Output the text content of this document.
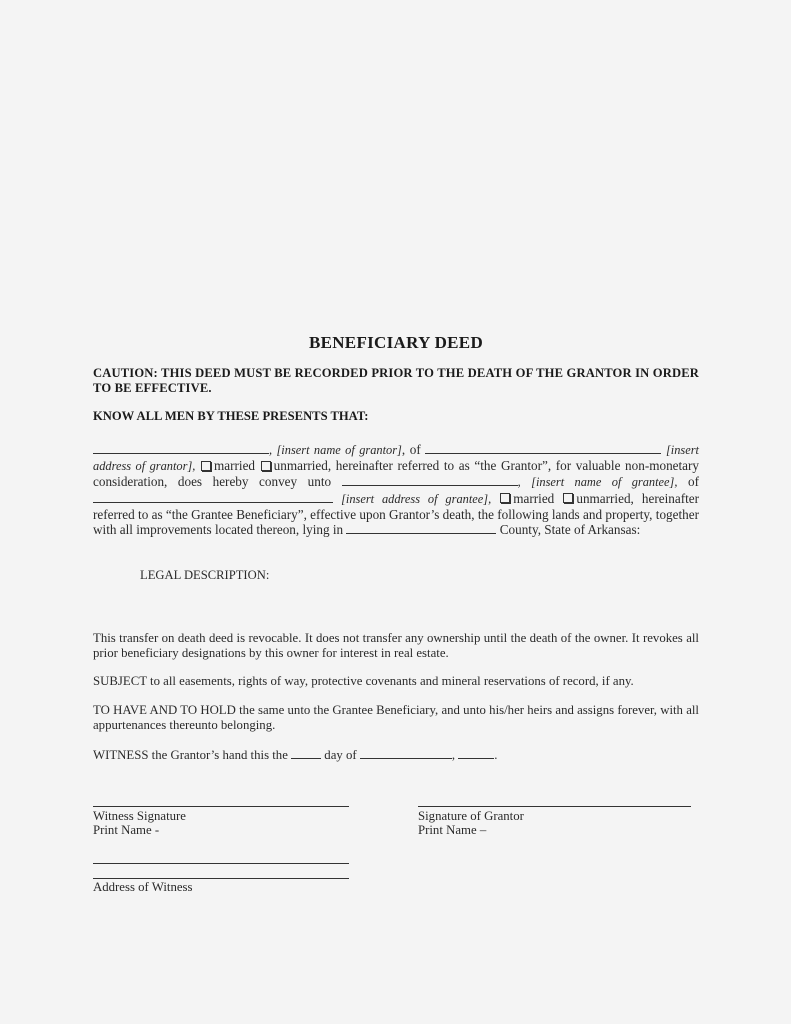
BENEFICIARY DEED
CAUTION: THIS DEED MUST BE RECORDED PRIOR TO THE DEATH OF THE GRANTOR IN ORDER TO BE EFFECTIVE.
KNOW ALL MEN BY THESE PRESENTS THAT:

, [insert name of grantor], of	[insert address of grantor], married unmarried, hereinafter referred to as “the Grantor”, for valuable non-monetary consideration, does hereby convey unto	, [insert name of grantee], of  [insert address of grantee], married unmarried, hereinafter referred to as “the Grantee Beneficiary”, effective upon Grantor’s death, the following lands and property, together with all improvements located thereon, lying in	County, State of Arkansas:

LEGAL DESCRIPTION:

This transfer on death deed is revocable. It does not transfer any ownership until the death of the owner. It revokes all prior beneficiary designations by this owner for interest in real estate.

SUBJECT to all easements, rights of way, protective covenants and mineral reservations of record, if any.

TO HAVE AND TO HOLD the same unto the Grantee Beneficiary, and unto his/her heirs and assigns forever, with all appurtenances thereunto belonging.

WITNESS the Grantor’s hand this the  day of	,	.

Witness Signature
Print Name -
Signature of Grantor
Print Name –
Address of Witness
